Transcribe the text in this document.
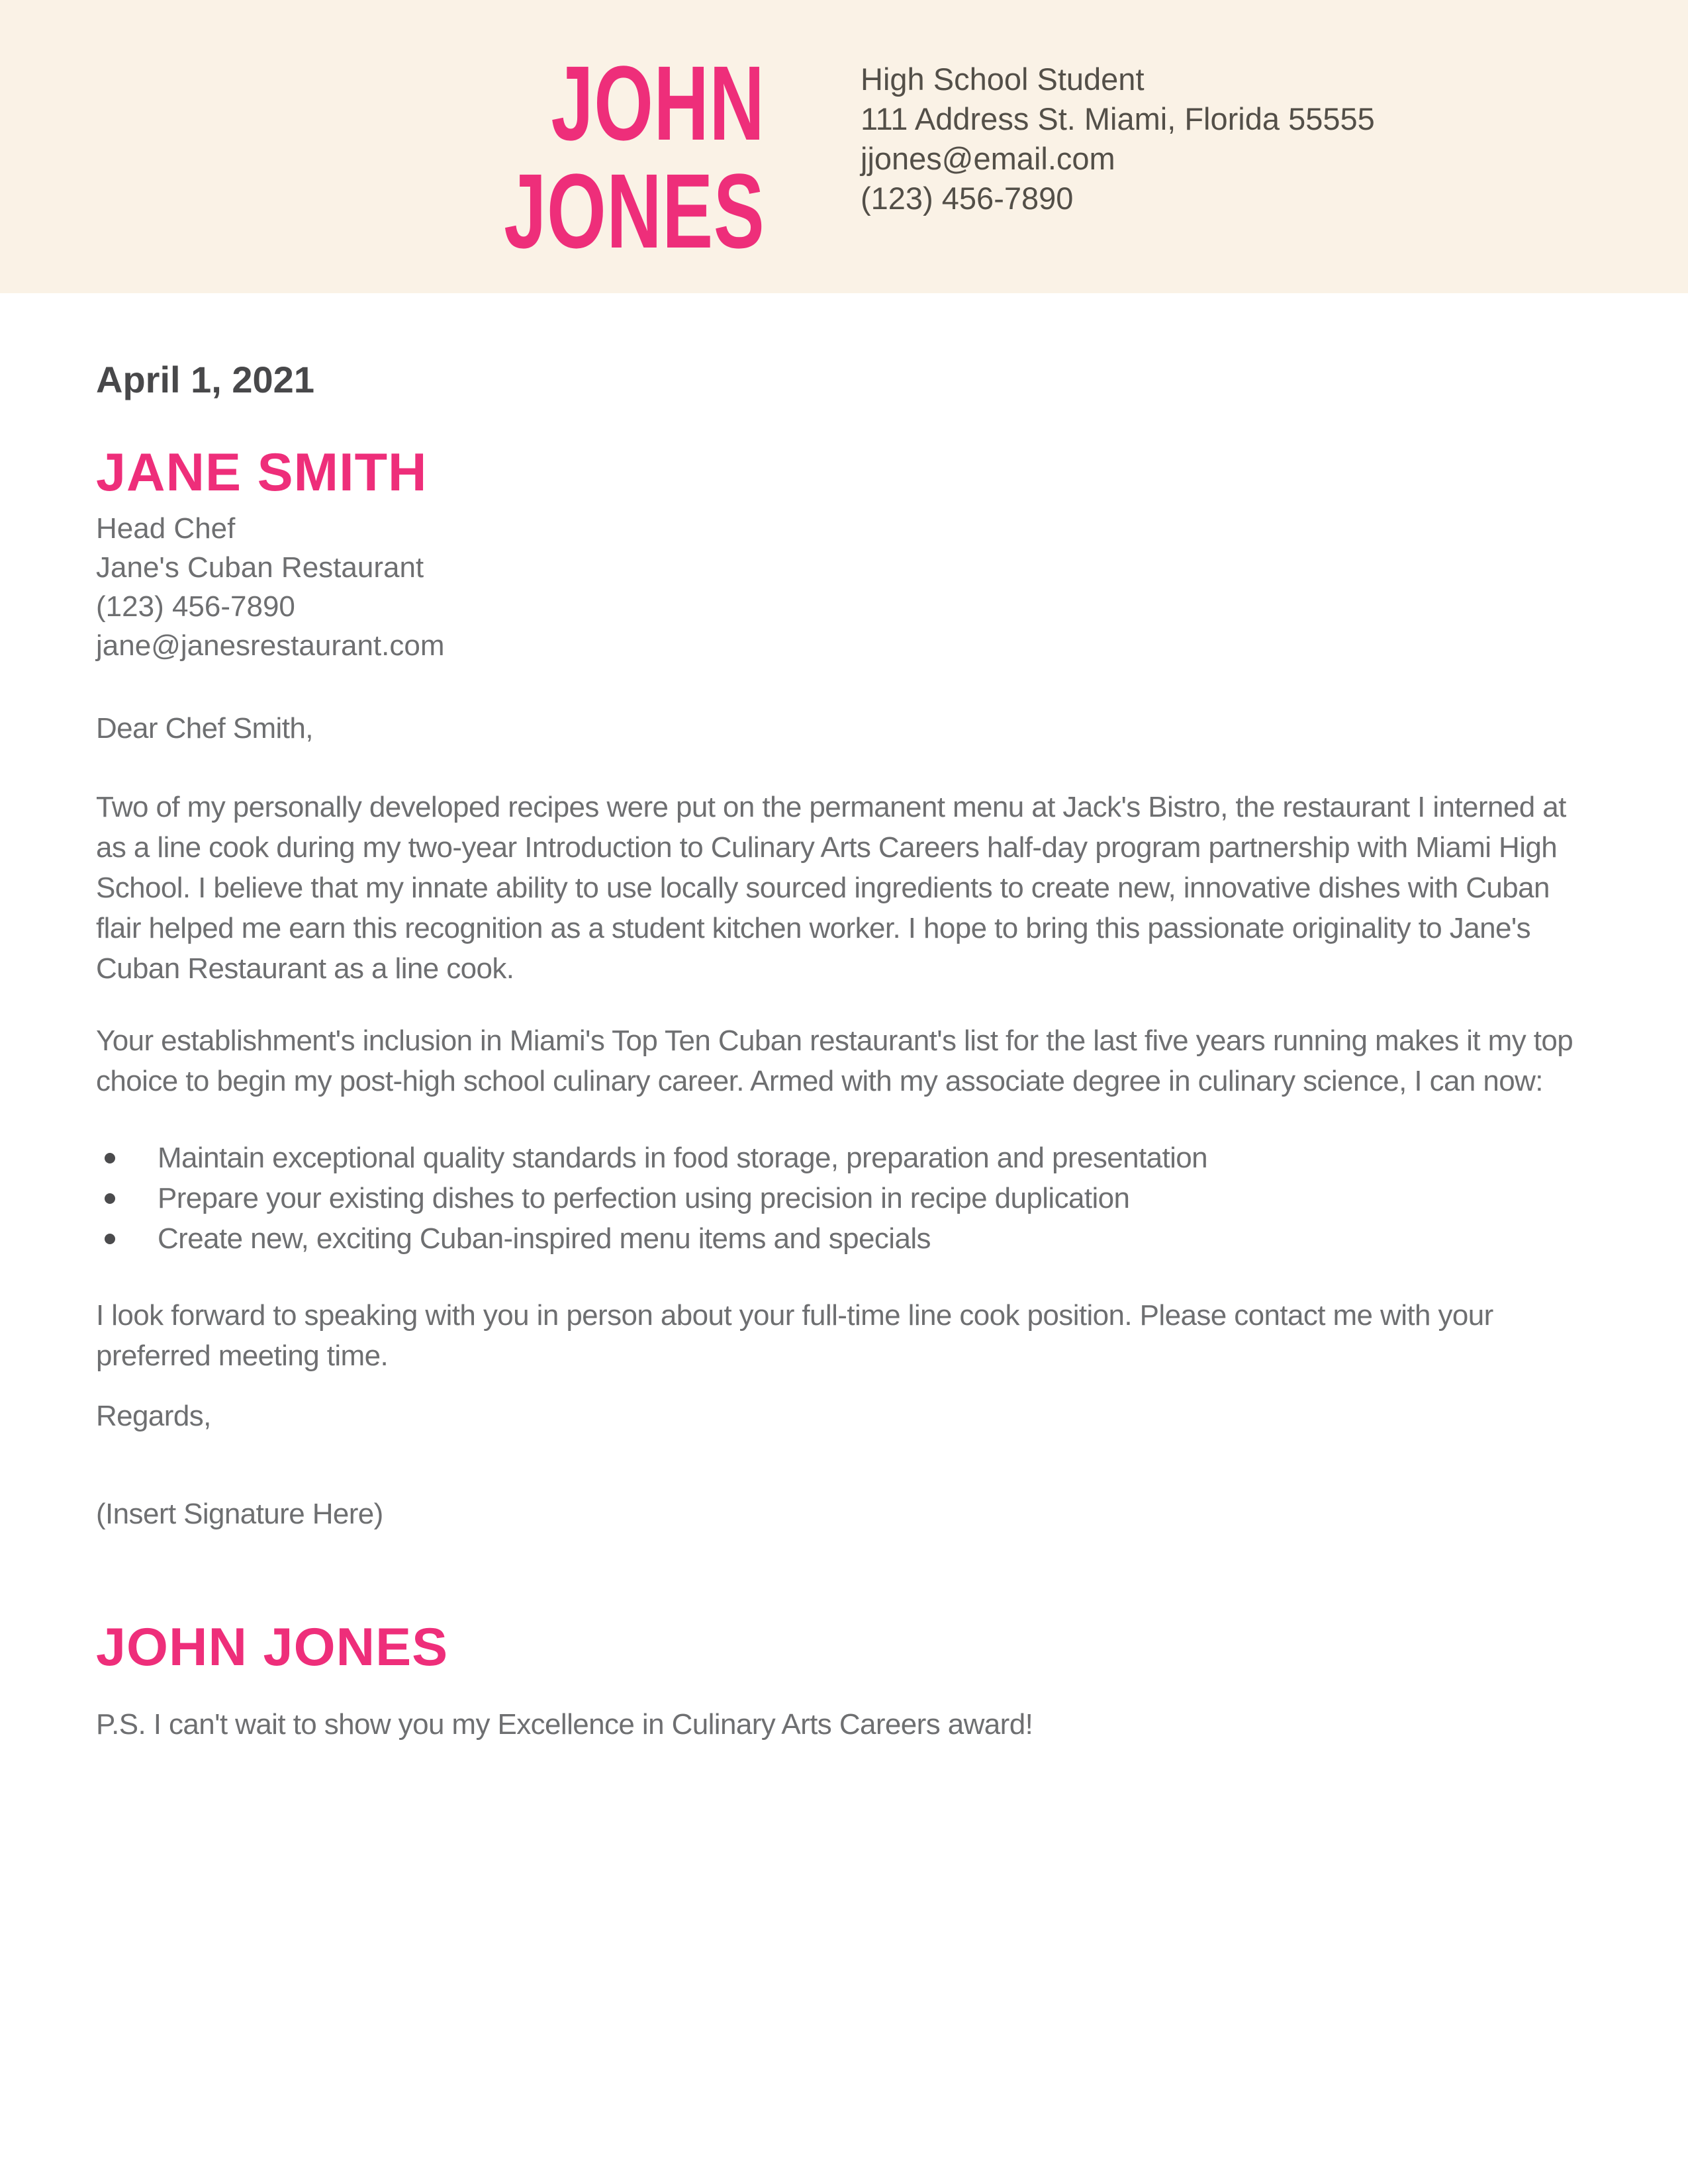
JOHN
JONES
High School Student
111 Address St. Miami, Florida 55555
jjones@email.com
(123) 456-7890
April 1, 2021
JANE SMITH
Head Chef
Jane's Cuban Restaurant
(123) 456-7890
jane@janesrestaurant.com
Dear Chef Smith,
Two of my personally developed recipes were put on the permanent menu at Jack's Bistro, the restaurant I interned at as a line cook during my two-year Introduction to Culinary Arts Careers half-day program partnership with Miami High School. I believe that my innate ability to use locally sourced ingredients to create new, innovative dishes with Cuban flair helped me earn this recognition as a student kitchen worker. I hope to bring this passionate originality to Jane's Cuban Restaurant as a line cook.
Your establishment's inclusion in Miami's Top Ten Cuban restaurant's list for the last five years running makes it my top choice to begin my post-high school culinary career. Armed with my associate degree in culinary science, I can now:
Maintain exceptional quality standards in food storage, preparation and presentation
Prepare your existing dishes to perfection using precision in recipe duplication
Create new, exciting Cuban-inspired menu items and specials
I look forward to speaking with you in person about your full-time line cook position. Please contact me with your preferred meeting time.
Regards,
(Insert Signature Here)
JOHN JONES
P.S. I can't wait to show you my Excellence in Culinary Arts Careers award!
